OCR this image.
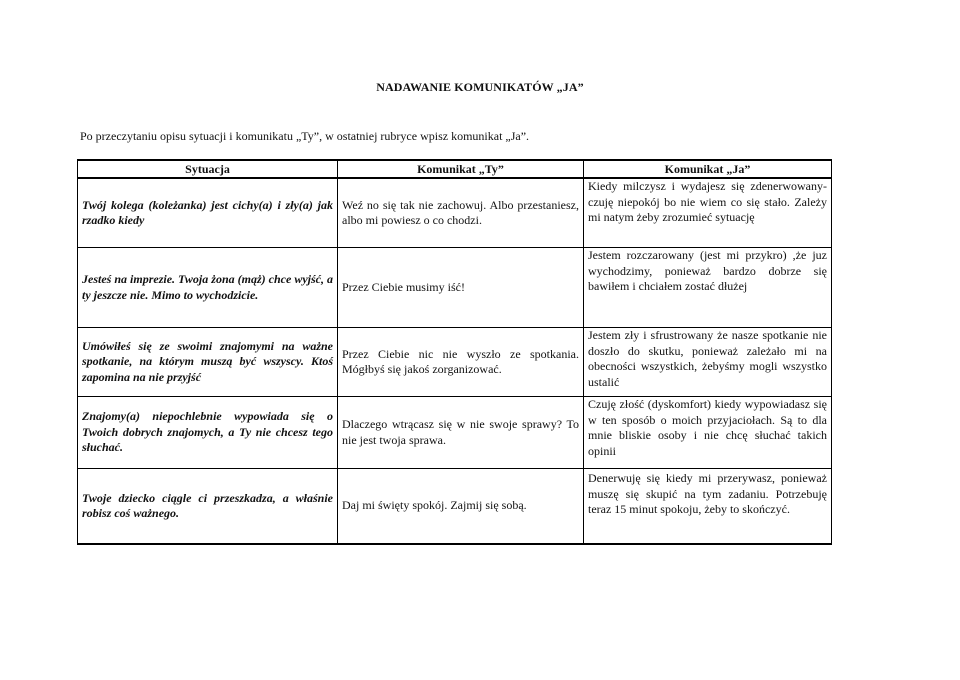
NADAWANIE KOMUNIKATÓW „JA”
Po przeczytaniu opisu sytuacji i komunikatu „Ty”, w ostatniej rubryce wpisz komunikat „Ja”.
Sytuacja	Komunikat „Ty”	Komunikat „Ja”
Twój kolega (koleżanka) jest cichy(a) i zły(a) jak rzadko kiedy	Weź no się tak nie zachowuj. Albo przestaniesz, albo mi powiesz o co chodzi.	Kiedy milczysz i wydajesz się zdenerwowany- czuję niepokój bo nie wiem co się stało. Zależy mi natym żeby zrozumieć sytuację
Jesteś na imprezie. Twoja żona (mąż) chce wyjść, a ty jeszcze nie. Mimo to wychodzicie.	Przez Ciebie musimy iść!	Jestem rozczarowany (jest mi przykro) ,że juz wychodzimy, ponieważ bardzo dobrze się bawiłem i chciałem zostać dłużej
Umówiłeś się ze swoimi znajomymi na ważne spotkanie, na którym muszą być wszyscy. Ktoś zapomina na nie przyjść	Przez Ciebie nic nie wyszło ze spotkania. Mógłbyś się jakoś zorganizować.	Jestem zły i sfrustrowany że nasze spotkanie nie doszło do skutku, ponieważ zależało mi na obecności wszystkich, żebyśmy mogli wszystko ustalić
Znajomy(a) niepochlebnie wypowiada się o Twoich dobrych znajomych, a Ty nie chcesz tego słuchać.	Dlaczego wtrącasz się w nie swoje sprawy? To nie jest twoja sprawa.	Czuję złość (dyskomfort) kiedy wypowiadasz się w ten sposób o moich przyjaciołach. Są to dla mnie bliskie osoby i nie chcę słuchać takich opinii
Twoje dziecko ciągle ci przeszkadza, a właśnie robisz coś ważnego.	Daj mi święty spokój. Zajmij się sobą.	Denerwuję się kiedy mi przerywasz, ponieważ muszę się skupić na tym zadaniu. Potrzebuję teraz 15 minut spokoju, żeby to skończyć.
